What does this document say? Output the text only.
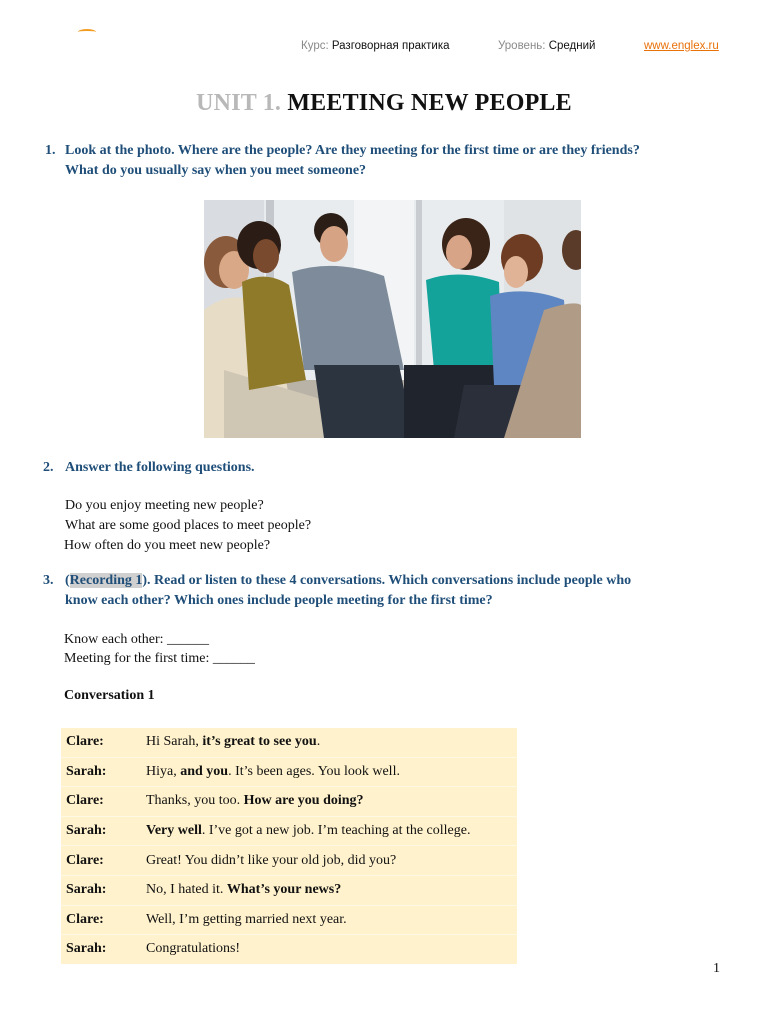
Курс: Разговорная практика	Уровень: Средний	www.englex.ru
UNIT 1. MEETING NEW PEOPLE
1. Look at the photo. Where are the people? Are they meeting for the first time or are they friends?
What do you usually say when you meet someone?
2. Answer the following questions.
Do you enjoy meeting new people?
What are some good places to meet people?
How often do you meet new people?
3. (Recording 1). Read or listen to these 4 conversations. Which conversations include people who
know each other? Which ones include people meeting for the first time?
Know each other: ______
Meeting for the first time: ______
Conversation 1
Clare:	Hi Sarah, it’s great to see you.
Sarah:	Hiya, and you. It’s been ages. You look well.
Clare:	Thanks, you too. How are you doing?
Sarah:	Very well. I’ve got a new job. I’m teaching at the college.
Clare:	Great! You didn’t like your old job, did you?
Sarah:	No, I hated it. What’s your news?
Clare:	Well, I’m getting married next year.
Sarah:	Congratulations!
1
